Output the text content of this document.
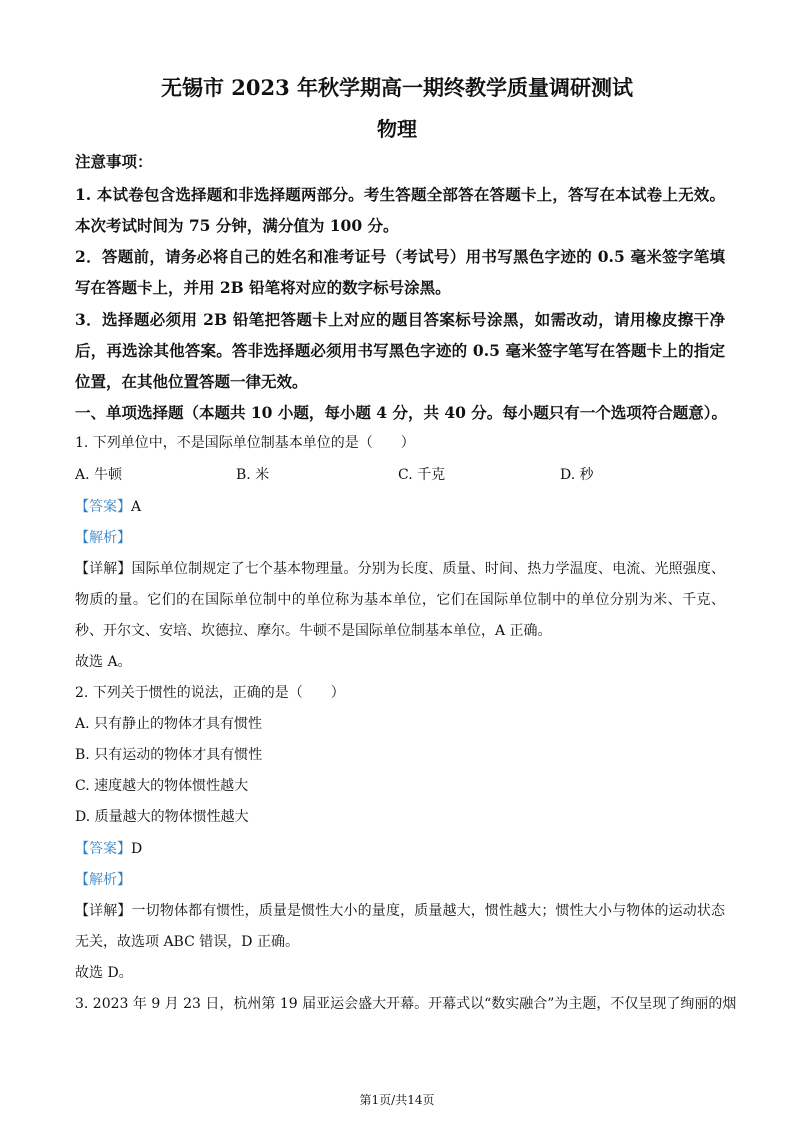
无锡市 2023 年秋学期高一期终教学质量调研测试
物理
注意事项：
1. 本试卷包含选择题和非选择题两部分。考生答题全部答在答题卡上，答写在本试卷上无效。
本次考试时间为 75 分钟，满分值为 100 分。
2．答题前，请务必将自己的姓名和准考证号（考试号）用书写黑色字迹的 0.5 毫米签字笔填
写在答题卡上，并用 2B 铅笔将对应的数字标号涂黑。
3．选择题必须用 2B 铅笔把答题卡上对应的题目答案标号涂黑，如需改动，请用橡皮擦干净
后，再选涂其他答案。答非选择题必须用书写黑色字迹的 0.5 毫米签字笔写在答题卡上的指定
位置，在其他位置答题一律无效。
一、单项选择题（本题共 10 小题，每小题 4 分，共 40 分。每小题只有一个选项符合题意）。
1. 下列单位中，不是国际单位制基本单位的是（　　）
A. 牛顿	B. 米	C. 千克	D. 秒
【答案】A
【解析】
【详解】国际单位制规定了七个基本物理量。分别为长度、质量、时间、热力学温度、电流、光照强度、
物质的量。它们的在国际单位制中的单位称为基本单位，它们在国际单位制中的单位分别为米、千克、
秒、开尔文、安培、坎德拉、摩尔。牛顿不是国际单位制基本单位，A 正确。
故选 A。
2. 下列关于惯性的说法，正确的是（　　）
A. 只有静止的物体才具有惯性
B. 只有运动的物体才具有惯性
C. 速度越大的物体惯性越大
D. 质量越大的物体惯性越大
【答案】D
【解析】
【详解】一切物体都有惯性，质量是惯性大小的量度，质量越大，惯性越大；惯性大小与物体的运动状态
无关，故选项 ABC 错误，D 正确。
故选 D。
3. 2023 年 9 月 23 日，杭州第 19 届亚运会盛大开幕。开幕式以“数实融合”为主题，不仅呈现了绚丽的烟
第1页/共14页
